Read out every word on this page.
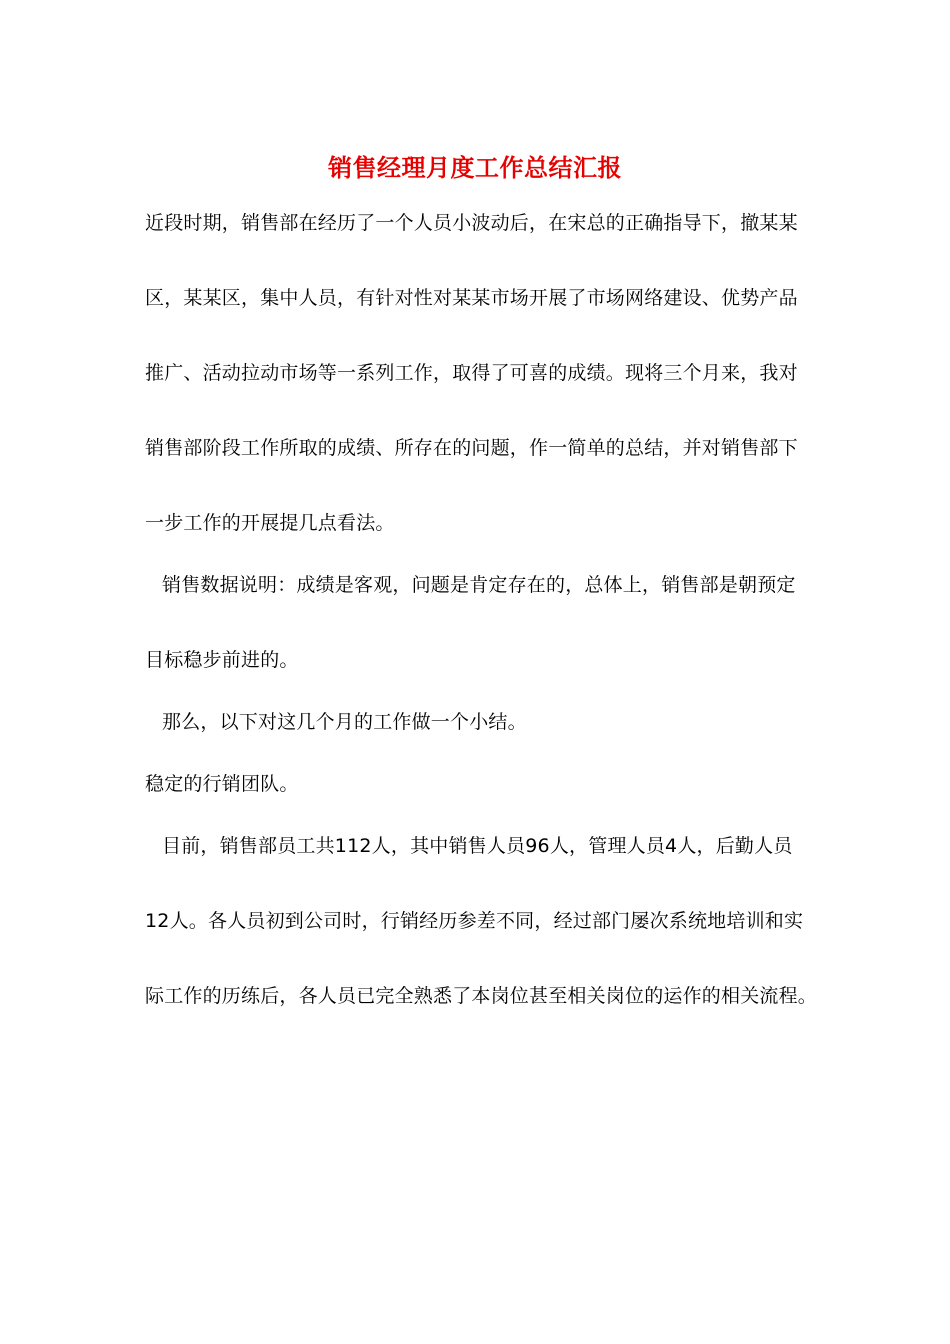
销售经理月度工作总结汇报
近段时期，销售部在经历了一个人员小波动后，在宋总的正确指导下，撤某某
区，某某区，集中人员，有针对性对某某市场开展了市场网络建设、优势产品
推广、活动拉动市场等一系列工作，取得了可喜的成绩。现将三个月来，我对
销售部阶段工作所取的成绩、所存在的问题，作一简单的总结，并对销售部下
一步工作的开展提几点看法。
销售数据说明：成绩是客观，问题是肯定存在的，总体上，销售部是朝预定
目标稳步前进的。
那么，以下对这几个月的工作做一个小结。
稳定的行销团队。
目前，销售部员工共112人，其中销售人员96人，管理人员4人，后勤人员
12人。各人员初到公司时，行销经历参差不同，经过部门屡次系统地培训和实
际工作的历练后，各人员已完全熟悉了本岗位甚至相关岗位的运作的相关流程。
